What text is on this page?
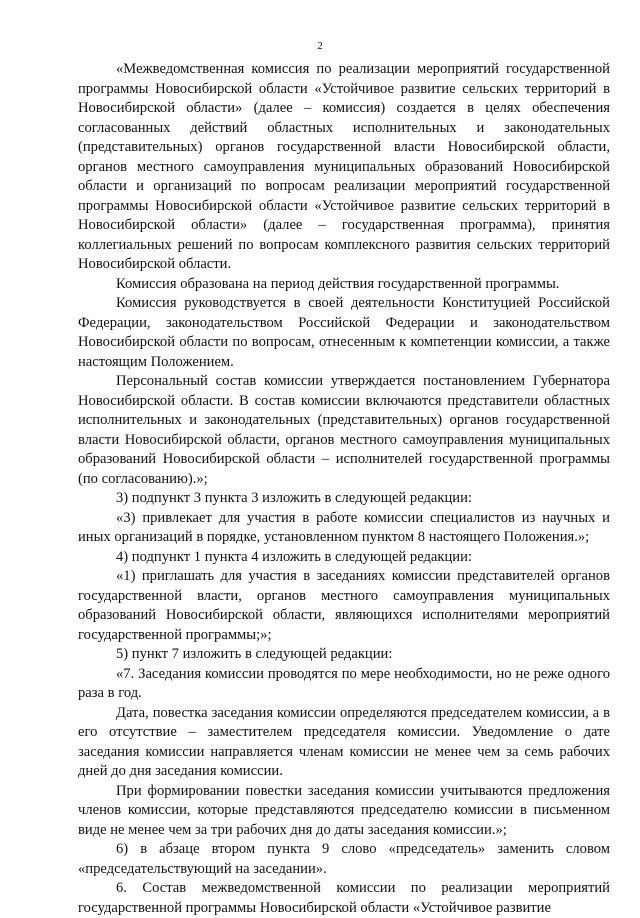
2

«Межведомственная комиссия по реализации мероприятий государственной программы Новосибирской области «Устойчивое развитие сельских территорий в Новосибирской области» (далее – комиссия) создается в целях обеспечения согласованных действий областных исполнительных и законодательных (представительных) органов государственной власти Новосибирской области, органов местного самоуправления муниципальных образований Новосибирской области и организаций по вопросам реализации мероприятий государственной программы Новосибирской области «Устойчивое развитие сельских территорий в Новосибирской области» (далее – государственная программа), принятия коллегиальных решений по вопросам комплексного развития сельских территорий Новосибирской области.

Комиссия образована на период действия государственной программы.

Комиссия руководствуется в своей деятельности Конституцией Российской Федерации, законодательством Российской Федерации и законодательством Новосибирской области по вопросам, отнесенным к компетенции комиссии, а также настоящим Положением.

Персональный состав комиссии утверждается постановлением Губернатора Новосибирской области. В состав комиссии включаются представители областных исполнительных и законодательных (представительных) органов государственной власти Новосибирской области, органов местного самоуправления муниципальных образований Новосибирской области – исполнителей государственной программы (по согласованию).»;

3) подпункт 3 пункта 3 изложить в следующей редакции:

«3) привлекает для участия в работе комиссии специалистов из научных и иных организаций в порядке, установленном пунктом 8 настоящего Положения.»;

4) подпункт 1 пункта 4 изложить в следующей редакции:

«1) приглашать для участия в заседаниях комиссии представителей органов государственной власти, органов местного самоуправления муниципальных образований Новосибирской области, являющихся исполнителями мероприятий государственной программы;»;

5) пункт 7 изложить в следующей редакции:

«7. Заседания комиссии проводятся по мере необходимости, но не реже одного раза в год.

Дата, повестка заседания комиссии определяются председателем комиссии, а в его отсутствие – заместителем председателя комиссии. Уведомление о дате заседания комиссии направляется членам комиссии не менее чем за семь рабочих дней до дня заседания комиссии.

При формировании повестки заседания комиссии учитываются предложения членов комиссии, которые представляются председателю комиссии в письменном виде не менее чем за три рабочих дня до даты заседания комиссии.»;

6) в абзаце втором пункта 9 слово «председатель» заменить словом «председательствующий на заседании».

6. Состав межведомственной комиссии по реализации мероприятий государственной программы Новосибирской области «Устойчивое развитие
